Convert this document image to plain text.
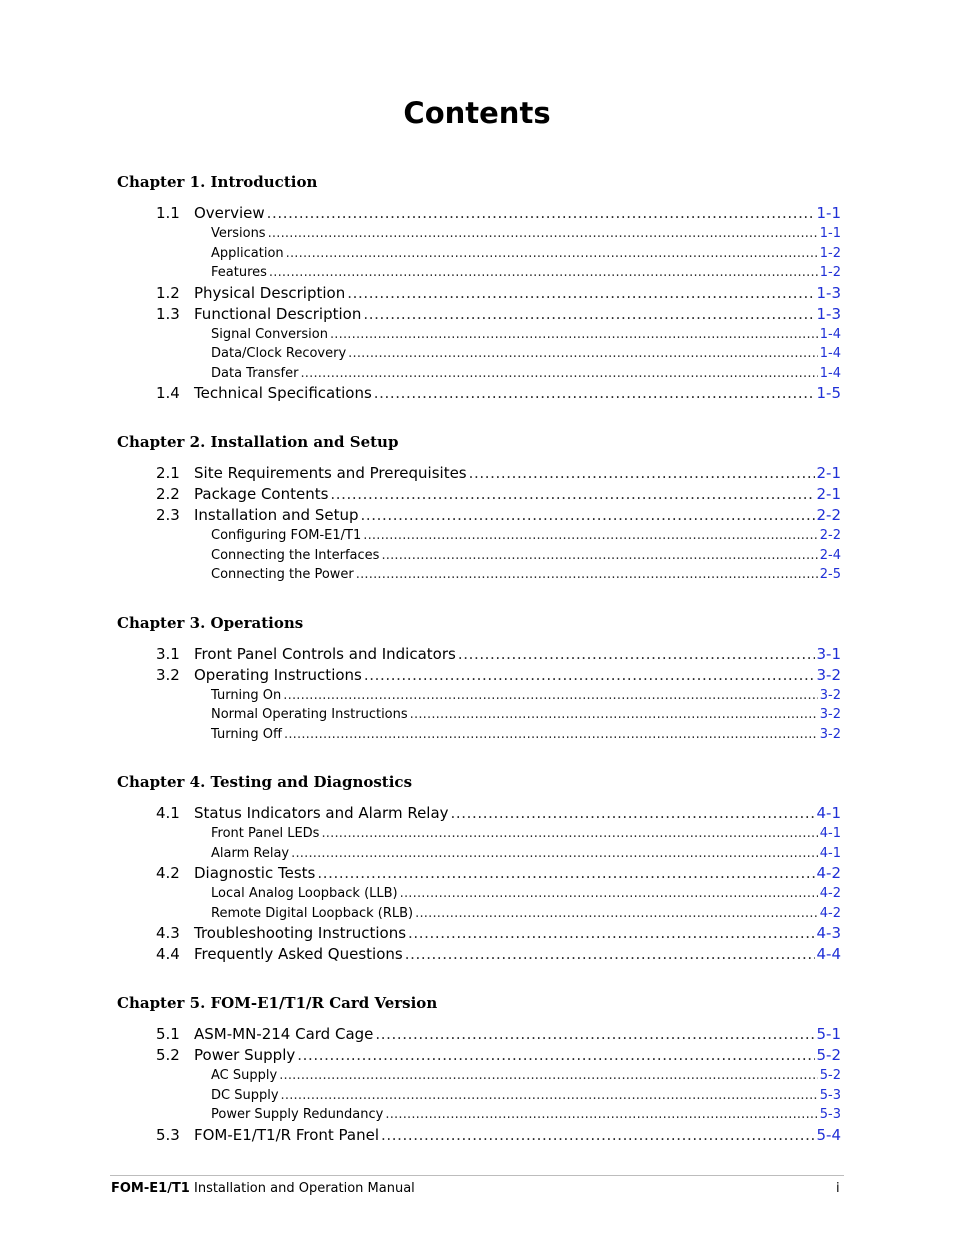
Contents
Chapter 1. Introduction
1.1 Overview .....	1-1
Versions .....	1-1
Application .....	1-2
Features .....	1-2
1.2 Physical Description .....	1-3
1.3 Functional Description .....	1-3
Signal Conversion .....	1-4
Data/Clock Recovery .....	1-4
Data Transfer .....	1-4
1.4 Technical Specifications .....	1-5
Chapter 2. Installation and Setup
2.1 Site Requirements and Prerequisites .....	2-1
2.2 Package Contents .....	2-1
2.3 Installation and Setup .....	2-2
Configuring FOM-E1/T1 .....	2-2
Connecting the Interfaces .....	2-4
Connecting the Power .....	2-5
Chapter 3. Operations
3.1 Front Panel Controls and Indicators .....	3-1
3.2 Operating Instructions .....	3-2
Turning On .....	3-2
Normal Operating Instructions .....	3-2
Turning Off .....	3-2
Chapter 4. Testing and Diagnostics
4.1 Status Indicators and Alarm Relay .....	4-1
Front Panel LEDs .....	4-1
Alarm Relay .....	4-1
4.2 Diagnostic Tests .....	4-2
Local Analog Loopback (LLB) .....	4-2
Remote Digital Loopback (RLB) .....	4-2
4.3 Troubleshooting Instructions .....	4-3
4.4 Frequently Asked Questions .....	4-4
Chapter 5. FOM-E1/T1/R Card Version
5.1 ASM-MN-214 Card Cage .....	5-1
5.2 Power Supply .....	5-2
AC Supply .....	5-2
DC Supply .....	5-3
Power Supply Redundancy .....	5-3
5.3 FOM-E1/T1/R Front Panel .....	5-4
FOM-E1/T1 Installation and Operation Manual	i
